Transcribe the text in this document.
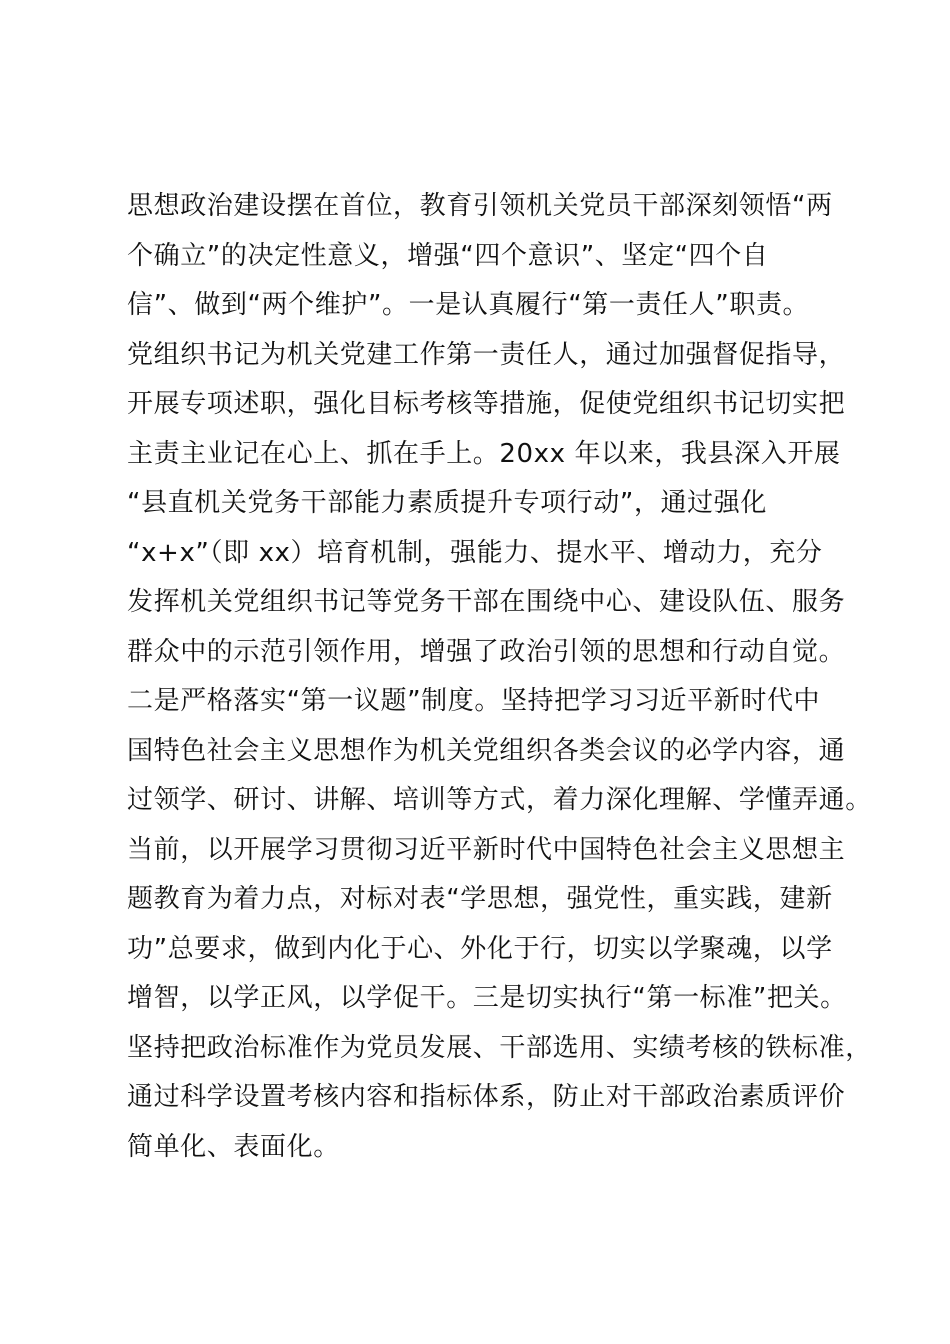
思想政治建设摆在首位，教育引领机关党员干部深刻领悟“两
个确立”的决定性意义，增强“四个意识”、坚定“四个自
信”、做到“两个维护”。一是认真履行“第一责任人”职责。
党组织书记为机关党建工作第一责任人，通过加强督促指导，
开展专项述职，强化目标考核等措施，促使党组织书记切实把
主责主业记在心上、抓在手上。20xx 年以来，我县深入开展
“县直机关党务干部能力素质提升专项行动”，通过强化
“x+x”（即 xx）培育机制，强能力、提水平、增动力，充分
发挥机关党组织书记等党务干部在围绕中心、建设队伍、服务
群众中的示范引领作用，增强了政治引领的思想和行动自觉。
二是严格落实“第一议题”制度。坚持把学习习近平新时代中
国特色社会主义思想作为机关党组织各类会议的必学内容，通
过领学、研讨、讲解、培训等方式，着力深化理解、学懂弄通。
当前，以开展学习贯彻习近平新时代中国特色社会主义思想主
题教育为着力点，对标对表“学思想，强党性，重实践，建新
功”总要求，做到内化于心、外化于行，切实以学聚魂，以学
增智，以学正风，以学促干。三是切实执行“第一标准”把关。
坚持把政治标准作为党员发展、干部选用、实绩考核的铁标准，
通过科学设置考核内容和指标体系，防止对干部政治素质评价
简单化、表面化。
